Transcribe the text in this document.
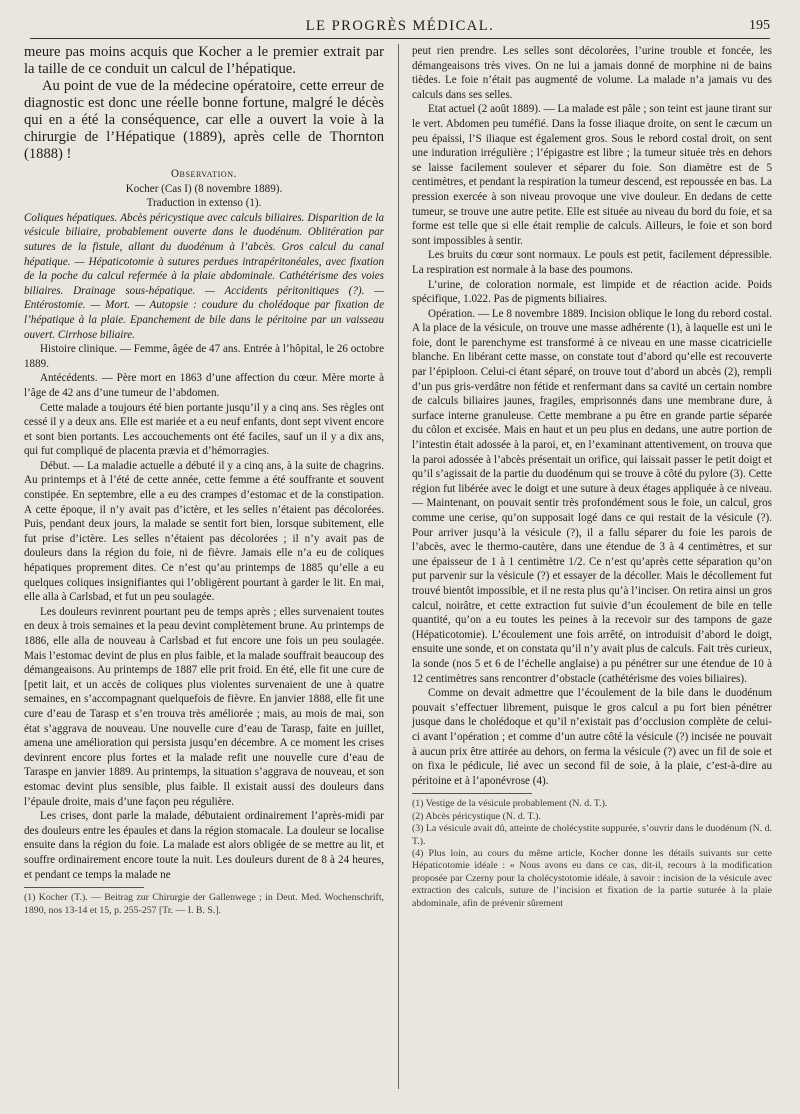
LE PROGRÈS MÉDICAL.	195

meure pas moins acquis que Kocher a le premier extrait par la taille de ce conduit un calcul de l’hépatique.

Au point de vue de la médecine opératoire, cette erreur de diagnostic est donc une réelle bonne fortune, malgré le décès qui en a été la conséquence, car elle a ouvert la voie à la chirurgie de l’Hépatique (1889), après celle de Thornton (1888) !

Observation.

Kocher (Cas I) (8 novembre 1889).

Traduction in extenso (1).

Coliques hépatiques. Abcès péricystique avec calculs biliaires. Disparition de la vésicule biliaire, probablement ouverte dans le duodénum. Oblitération par sutures de la fistule, allant du duodénum à l’abcès. Gros calcul du canal hépatique. — Hépaticotomie à sutures perdues intrapéritonéales, avec fixation de la poche du calcul refermée à la plaie abdominale. Cathétérisme des voies biliaires. Drainage sous-hépatique. — Accidents péritonitiques (?). — Entérostomie. — Mort. — Autopsie : coudure du cholédoque par fixation de l’hépatique à la plaie. Epanchement de bile dans le péritoine par un vaisseau ouvert. Cirrhose biliaire.

Histoire clinique. — Femme, âgée de 47 ans. Entrée à l’hôpital, le 26 octobre 1889.

Antécédents. — Père mort en 1863 d’une affection du cœur. Mère morte à l’âge de 42 ans d’une tumeur de l’abdomen.

Cette malade a toujours été bien portante jusqu’il y a cinq ans. Ses règles ont cessé il y a deux ans. Elle est mariée et a eu neuf enfants, dont sept vivent encore et sont bien portants. Les accouchements ont été faciles, sauf un il y a dix ans, qui fut compliqué de placenta prævia et d’hémorragies.

Début. — La maladie actuelle a débuté il y a cinq ans, à la suite de chagrins. Au printemps et à l’été de cette année, cette femme a été souffrante et souvent constipée. En septembre, elle a eu des crampes d’estomac et de la constipation. A cette époque, il n’y avait pas d’ictère, et les selles n’étaient pas décolorées. Puis, pendant deux jours, la malade se sentit fort bien, lorsque subitement, elle fut prise d’ictère. Les selles n’étaient pas décolorées ; il n’y avait pas de douleurs dans la région du foie, ni de fièvre. Jamais elle n’a eu de coliques hépatiques proprement dites. Ce n’est qu’au printemps de 1885 qu’elle a eu quelques coliques insignifiantes qui l’obligèrent pourtant à garder le lit. En mai, elle alla à Carlsbad, et fut un peu soulagée.

Les douleurs revinrent pourtant peu de temps après ; elles survenaient toutes en deux à trois semaines et la peau devint complètement brune. Au printemps de 1886, elle alla de nouveau à Carlsbad et fut encore une fois un peu soulagée. Mais l’estomac devint de plus en plus faible, et la malade souffrait beaucoup des démangeaisons. Au printemps de 1887 elle prit froid. En été, elle fit une cure de [petit lait, et un accès de coliques plus violentes survenaient de une à quatre semaines, en s’accompagnant quelquefois de fièvre. En janvier 1888, elle fit une cure d’eau de Tarasp et s’en trouva très améliorée ; mais, au mois de mai, son état s’aggrava de nouveau. Une nouvelle cure d’eau de Tarasp, faite en juillet, amena une amélioration qui persista jusqu’en décembre. A ce moment les crises devinrent encore plus fortes et la malade refit une nouvelle cure d’eau de Taraspe en janvier 1889. Au printemps, la situation s’aggrava de nouveau, et son estomac devint plus sensible, plus faible. Il existait aussi des douleurs dans l’épaule droite, mais d’une façon peu régulière.

Les crises, dont parle la malade, débutaient ordinairement l’après-midi par des douleurs entre les épaules et dans la région stomacale. La douleur se localise ensuite dans la région du foie. La malade est alors obligée de se mettre au lit, et souffre ordinairement encore toute la nuit. Les douleurs durent de 8 à 24 heures, et pendant ce temps la malade ne

(1) Kocher (T.). — Beitrag zur Chirurgie der Gallenwege ; in Deut. Med. Wochenschrift, 1890, nos 13-14 et 15, p. 255-257 [Tr. — I. B. S.].

peut rien prendre. Les selles sont décolorées, l’urine trouble et foncée, les démangeaisons très vives. On ne lui a jamais donné de morphine ni de bains tièdes. Le foie n’était pas augmenté de volume. La malade n’a jamais vu des calculs dans ses selles.

Etat actuel (2 août 1889). — La malade est pâle ; son teint est jaune tirant sur le vert. Abdomen peu tuméfié. Dans la fosse iliaque droite, on sent le cæcum un peu épaissi, l’S iliaque est également gros. Sous le rebord costal droit, on sent une induration irrégulière ; l’épigastre est libre ; la tumeur située très en dehors se laisse facilement soulever et séparer du foie. Son diamètre est de 5 centimètres, et pendant la respiration la tumeur descend, est repoussée en bas. La pression exercée à son niveau provoque une vive douleur. En dedans de cette tumeur, se trouve une autre petite. Elle est située au niveau du bord du foie, et sa forme est telle que si elle était remplie de calculs. Ailleurs, le foie et son bord sont impossibles à sentir.

Les bruits du cœur sont normaux. Le pouls est petit, facilement dépressible. La respiration est normale à la base des poumons.

L’urine, de coloration normale, est limpide et de réaction acide. Poids spécifique, 1.022. Pas de pigments biliaires.

Opération. — Le 8 novembre 1889. Incision oblique le long du rebord costal. A la place de la vésicule, on trouve une masse adhérente (1), à laquelle est uni le foie, dont le parenchyme est transformé à ce niveau en une masse cicatricielle blanche. En libérant cette masse, on constate tout d’abord qu’elle est recouverte par l’épiploon. Celui-ci étant séparé, on trouve tout d’abord un abcès (2), rempli d’un pus gris-verdâtre non fétide et renfermant dans sa cavité un certain nombre de calculs biliaires jaunes, fragiles, emprisonnés dans une membrane dure, à surface interne granuleuse. Cette membrane a pu être en grande partie séparée du côlon et excisée. Mais en haut et un peu plus en dedans, une autre portion de l’intestin était adossée à la paroi, et, en l’examinant attentivement, on trouva que la paroi adossée à l’abcès présentait un orifice, qui laissait passer le petit doigt et qu’il s’agissait de la partie du duodénum qui se trouve à côté du pylore (3). Cette région fut libérée avec le doigt et une suture à deux étages appliquée à ce niveau. — Maintenant, on pouvait sentir très profondément sous le foie, un calcul, gros comme une cerise, qu’on supposait logé dans ce qui restait de la vésicule (?). Pour arriver jusqu’à la vésicule (?), il a fallu séparer du foie les parois de l’abcès, avec le thermo-cautère, dans une étendue de 3 à 4 centimètres, et sur une épaisseur de 1 à 1 centimètre 1/2. Ce n’est qu’après cette séparation qu’on put parvenir sur la vésicule (?) et essayer de la décoller. Mais le décollement fut trouvé bientôt impossible, et il ne resta plus qu’à l’inciser. On retira ainsi un gros calcul, noirâtre, et cette extraction fut suivie d’un écoulement de bile en telle quantité, qu’on a eu toutes les peines à la recevoir sur des tampons de gaze (Hépaticotomie). L’écoulement une fois arrêté, on introduisit d’abord le doigt, ensuite une sonde, et on constata qu’il n’y avait plus de calculs. Fait très curieux, la sonde (nos 5 et 6 de l’échelle anglaise) a pu pénétrer sur une étendue de 10 à 12 centimètres sans rencontrer d’obstacle (cathétérisme des voies biliaires).

Comme on devait admettre que l’écoulement de la bile dans le duodénum pouvait s’effectuer librement, puisque le gros calcul a pu fort bien pénétrer jusque dans le cholédoque et qu’il n’existait pas d’occlusion complète de celui-ci avant l’opération ; et comme d’un autre côté la vésicule (?) incisée ne pouvait à aucun prix être attirée au dehors, on ferma la vésicule (?) avec un fil de soie et on fixa le pédicule, lié avec un second fil de soie, à la plaie, c’est-à-dire au péritoine et à l’aponévrose (4).

(1) Vestige de la vésicule probablement (N. d. T.).

(2) Abcès péricystique (N. d. T.).

(3) La vésicule avait dû, atteinte de cholécystite suppurée, s’ouvrir dans le duodénum (N. d. T.).

(4) Plus loin, au cours du même article, Kocher donne les détails suivants sur cette Hépaticotomie idéale : « Nous avons eu dans ce cas, dit-il, recours à la modification proposée par Czerny pour la cholécystotomie idéale, à savoir : incision de la vésicule avec extraction des calculs, suture de l’incision et fixation de la partie suturée à la plaie abdominale, afin de prévenir sûrement
